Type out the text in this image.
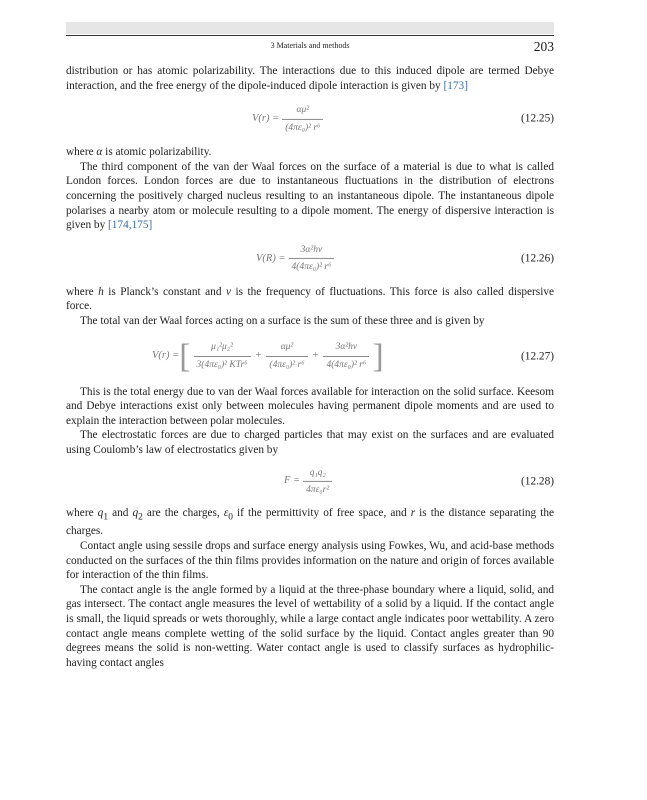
3 Materials and methods	203

distribution or has atomic polarizability. The interactions due to this induced dipole are termed Debye interaction, and the free energy of the dipole-induced dipole interaction is given by [173]

$V(r) = \frac{\text{αμ²}}{\text{(4πε₀)² r⁶}}$	(12.25)

where α is atomic polarizability.

The third component of the van der Waal forces on the surface of a material is due to what is called London forces. London forces are due to instantaneous fluctuations in the distribution of electrons concerning the positively charged nucleus resulting to an instantaneous dipole. The instantaneous dipole polarises a nearby atom or molecule resulting to a dipole moment. The energy of dispersive interaction is given by [174,175]

$V(R) = \frac{\text{3α²hν}}{\text{4(4πε₀)² r⁶}}$	(12.26)

where h is Planck’s constant and ν is the frequency of fluctuations. This force is also called dispersive force.

The total van der Waal forces acting on a surface is the sum of these three and is given by

V(r) = [ $\frac{\text{μ₁²μ₂²}}{\text{3(4πε₀)² KTr⁶}} + \frac{\text{αμ²}}{\text{(4πε₀)² r⁶}} + \frac{\text{3α²hν}}{\text{4(4πε₀)² r⁶}}$ ]	(12.27)

This is the total energy due to van der Waal forces available for interaction on the solid surface. Keesom and Debye interactions exist only between molecules having permanent dipole moments and are used to explain the interaction between polar molecules.

The electrostatic forces are due to charged particles that may exist on the surfaces and are evaluated using Coulomb’s law of electrostatics given by

$F = \frac{\text{q₁q₂}}{\text{4πε₀r²}}$	(12.28)

where $q_1$ and $q_2$ are the charges, $\varepsilon_0$ if the permittivity of free space, and r is the distance separating the charges.

Contact angle using sessile drops and surface energy analysis using Fowkes, Wu, and acid-base methods conducted on the surfaces of the thin films provides information on the nature and origin of forces available for interaction of the thin films.

The contact angle is the angle formed by a liquid at the three-phase boundary where a liquid, solid, and gas intersect. The contact angle measures the level of wettability of a solid by a liquid. If the contact angle is small, the liquid spreads or wets thoroughly, while a large contact angle indicates poor wettability. A zero contact angle means complete wetting of the solid surface by the liquid. Contact angles greater than 90 degrees means the solid is non-wetting. Water contact angle is used to classify surfaces as hydrophilic-having contact angles
